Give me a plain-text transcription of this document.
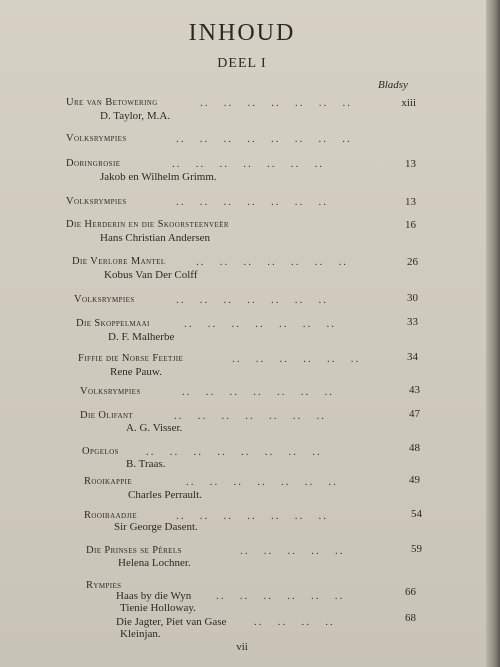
INHOUD
DEEL I
Bladsy
Ure van Betowering	..   ..   ..   ..   ..   ..   ..	xiii
D. Taylor, M.A.
Volksrympies	..   ..   ..   ..   ..   ..   ..   ..
Doringrosie	..   ..   ..   ..   ..   ..   ..	13
Jakob en Wilhelm Grimm.
Volksrympies	..   ..   ..   ..   ..   ..   ..	13
Die Herderin en die Skoorsteenveër	16
Hans Christian Andersen
Die Verlore Mantel	..   ..   ..   ..   ..   ..   ..	26
Kobus Van Der Colff
Volksrympies	..   ..   ..   ..   ..   ..   ..	30
Die Skoppelmaai	..   ..   ..   ..   ..   ..   ..	33
D. F. Malherbe
Fiffie die Norse Feetjie	..   ..   ..   ..   ..   ..	34
Rene Pauw.
Volksrympies	..   ..   ..   ..   ..   ..   ..	43
Die Olifant	..   ..   ..   ..   ..   ..   ..	47
A. G. Visser.
Opgelos ..   ..   ..   ..   ..   ..   ..   ..	48
B. Traas.
Rooikappie	..   ..   ..   ..   ..   ..   ..	49
Charles Perrault.
Rooibaadjie	..   ..   ..   ..   ..   ..   ..	54
Sir George Dasent.
Die Prinses se Pêrels	..   ..   ..   ..   ..	59
Helena Lochner.
Rympies
Haas by die Wyn ..   ..   ..   ..   ..   ..	66
Tienie Holloway.
Die Jagter, Piet van Gase	..   ..   ..   ..	68
Kleinjan.
vii
